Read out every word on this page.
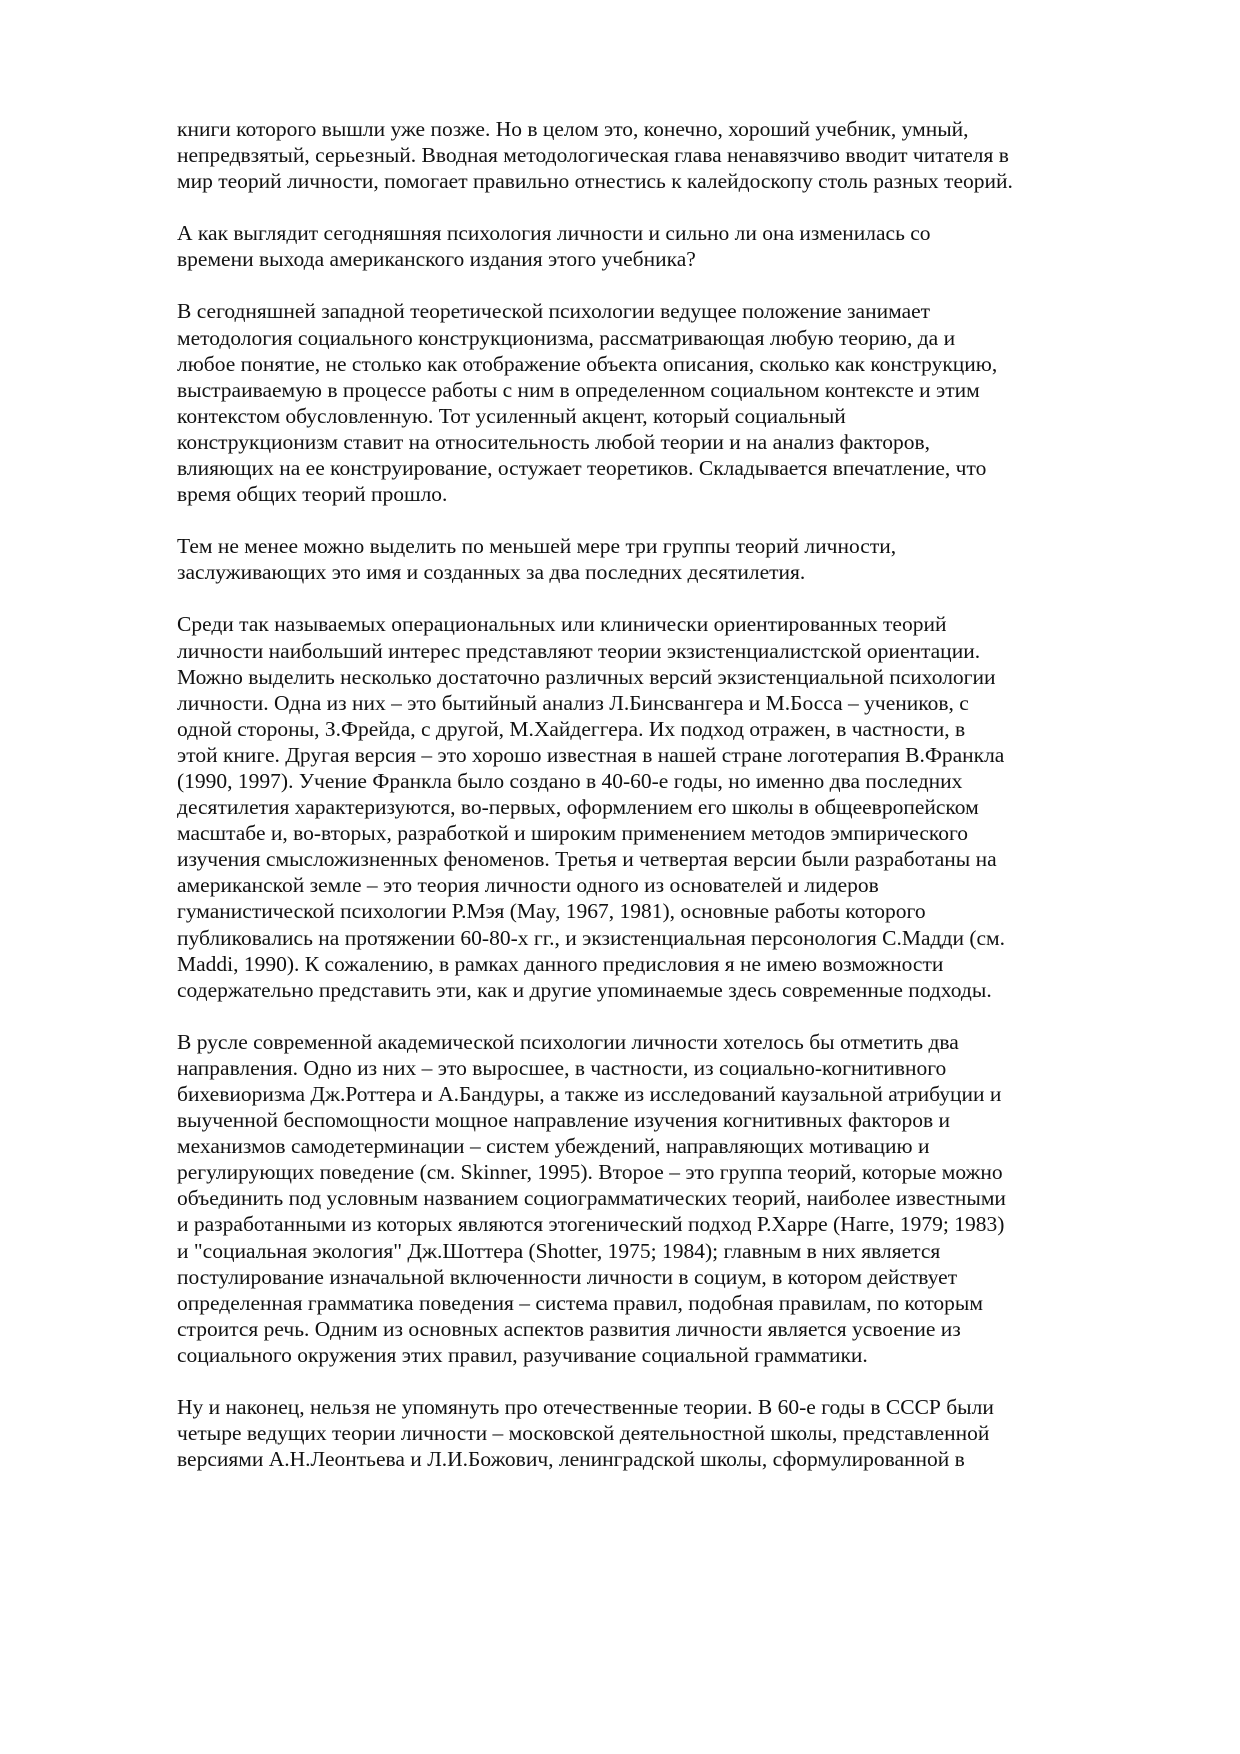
книги которого вышли уже позже. Но в целом это, конечно, хороший учебник, умный,
непредвзятый, серьезный. Вводная методологическая глава ненавязчиво вводит читателя в
мир теорий личности, помогает правильно отнестись к калейдоскопу столь разных теорий.

А как выглядит сегодняшняя психология личности и сильно ли она изменилась со
времени выхода американского издания этого учебника?

В сегодняшней западной теоретической психологии ведущее положение занимает
методология социального конструкционизма, рассматривающая любую теорию, да и
любое понятие, не столько как отображение объекта описания, сколько как конструкцию,
выстраиваемую в процессе работы с ним в определенном социальном контексте и этим
контекстом обусловленную. Тот усиленный акцент, который социальный
конструкционизм ставит на относительность любой теории и на анализ факторов,
влияющих на ее конструирование, остужает теоретиков. Складывается впечатление, что
время общих теорий прошло.

Тем не менее можно выделить по меньшей мере три группы теорий личности,
заслуживающих это имя и созданных за два последних десятилетия.

Среди так называемых операциональных или клинически ориентированных теорий
личности наибольший интерес представляют теории экзистенциалистской ориентации.
Можно выделить несколько достаточно различных версий экзистенциальной психологии
личности. Одна из них – это бытийный анализ Л.Бинсвангера и М.Босса – учеников, с
одной стороны, З.Фрейда, с другой, М.Хайдеггера. Их подход отражен, в частности, в
этой книге. Другая версия – это хорошо известная в нашей стране логотерапия В.Франкла
(1990, 1997). Учение Франкла было создано в 40-60-е годы, но именно два последних
десятилетия характеризуются, во-первых, оформлением его школы в общеевропейском
масштабе и, во-вторых, разработкой и широким применением методов эмпирического
изучения смысложизненных феноменов. Третья и четвертая версии были разработаны на
американской земле – это теория личности одного из основателей и лидеров
гуманистической психологии Р.Мэя (May, 1967, 1981), основные работы которого
публиковались на протяжении 60-80-х гг., и экзистенциальная персонология С.Мадди (см.
Maddi, 1990). К сожалению, в рамках данного предисловия я не имею возможности
содержательно представить эти, как и другие упоминаемые здесь современные подходы.

В русле современной академической психологии личности хотелось бы отметить два
направления. Одно из них – это выросшее, в частности, из социально-когнитивного
бихевиоризма Дж.Роттера и А.Бандуры, а также из исследований каузальной атрибуции и
выученной беспомощности мощное направление изучения когнитивных факторов и
механизмов самодетерминации – систем убеждений, направляющих мотивацию и
регулирующих поведение (см. Skinner, 1995). Второе – это группа теорий, которые можно
объединить под условным названием социограмматических теорий, наиболее известными
и разработанными из которых являются этогенический подход Р.Харре (Harre, 1979; 1983)
и "социальная экология" Дж.Шоттера (Shotter, 1975; 1984); главным в них является
постулирование изначальной включенности личности в социум, в котором действует
определенная грамматика поведения – система правил, подобная правилам, по которым
строится речь. Одним из основных аспектов развития личности является усвоение из
социального окружения этих правил, разучивание социальной грамматики.

Ну и наконец, нельзя не упомянуть про отечественные теории. В 60-е годы в СССР были
четыре ведущих теории личности – московской деятельностной школы, представленной
версиями А.Н.Леонтьева и Л.И.Божович, ленинградской школы, сформулированной в
